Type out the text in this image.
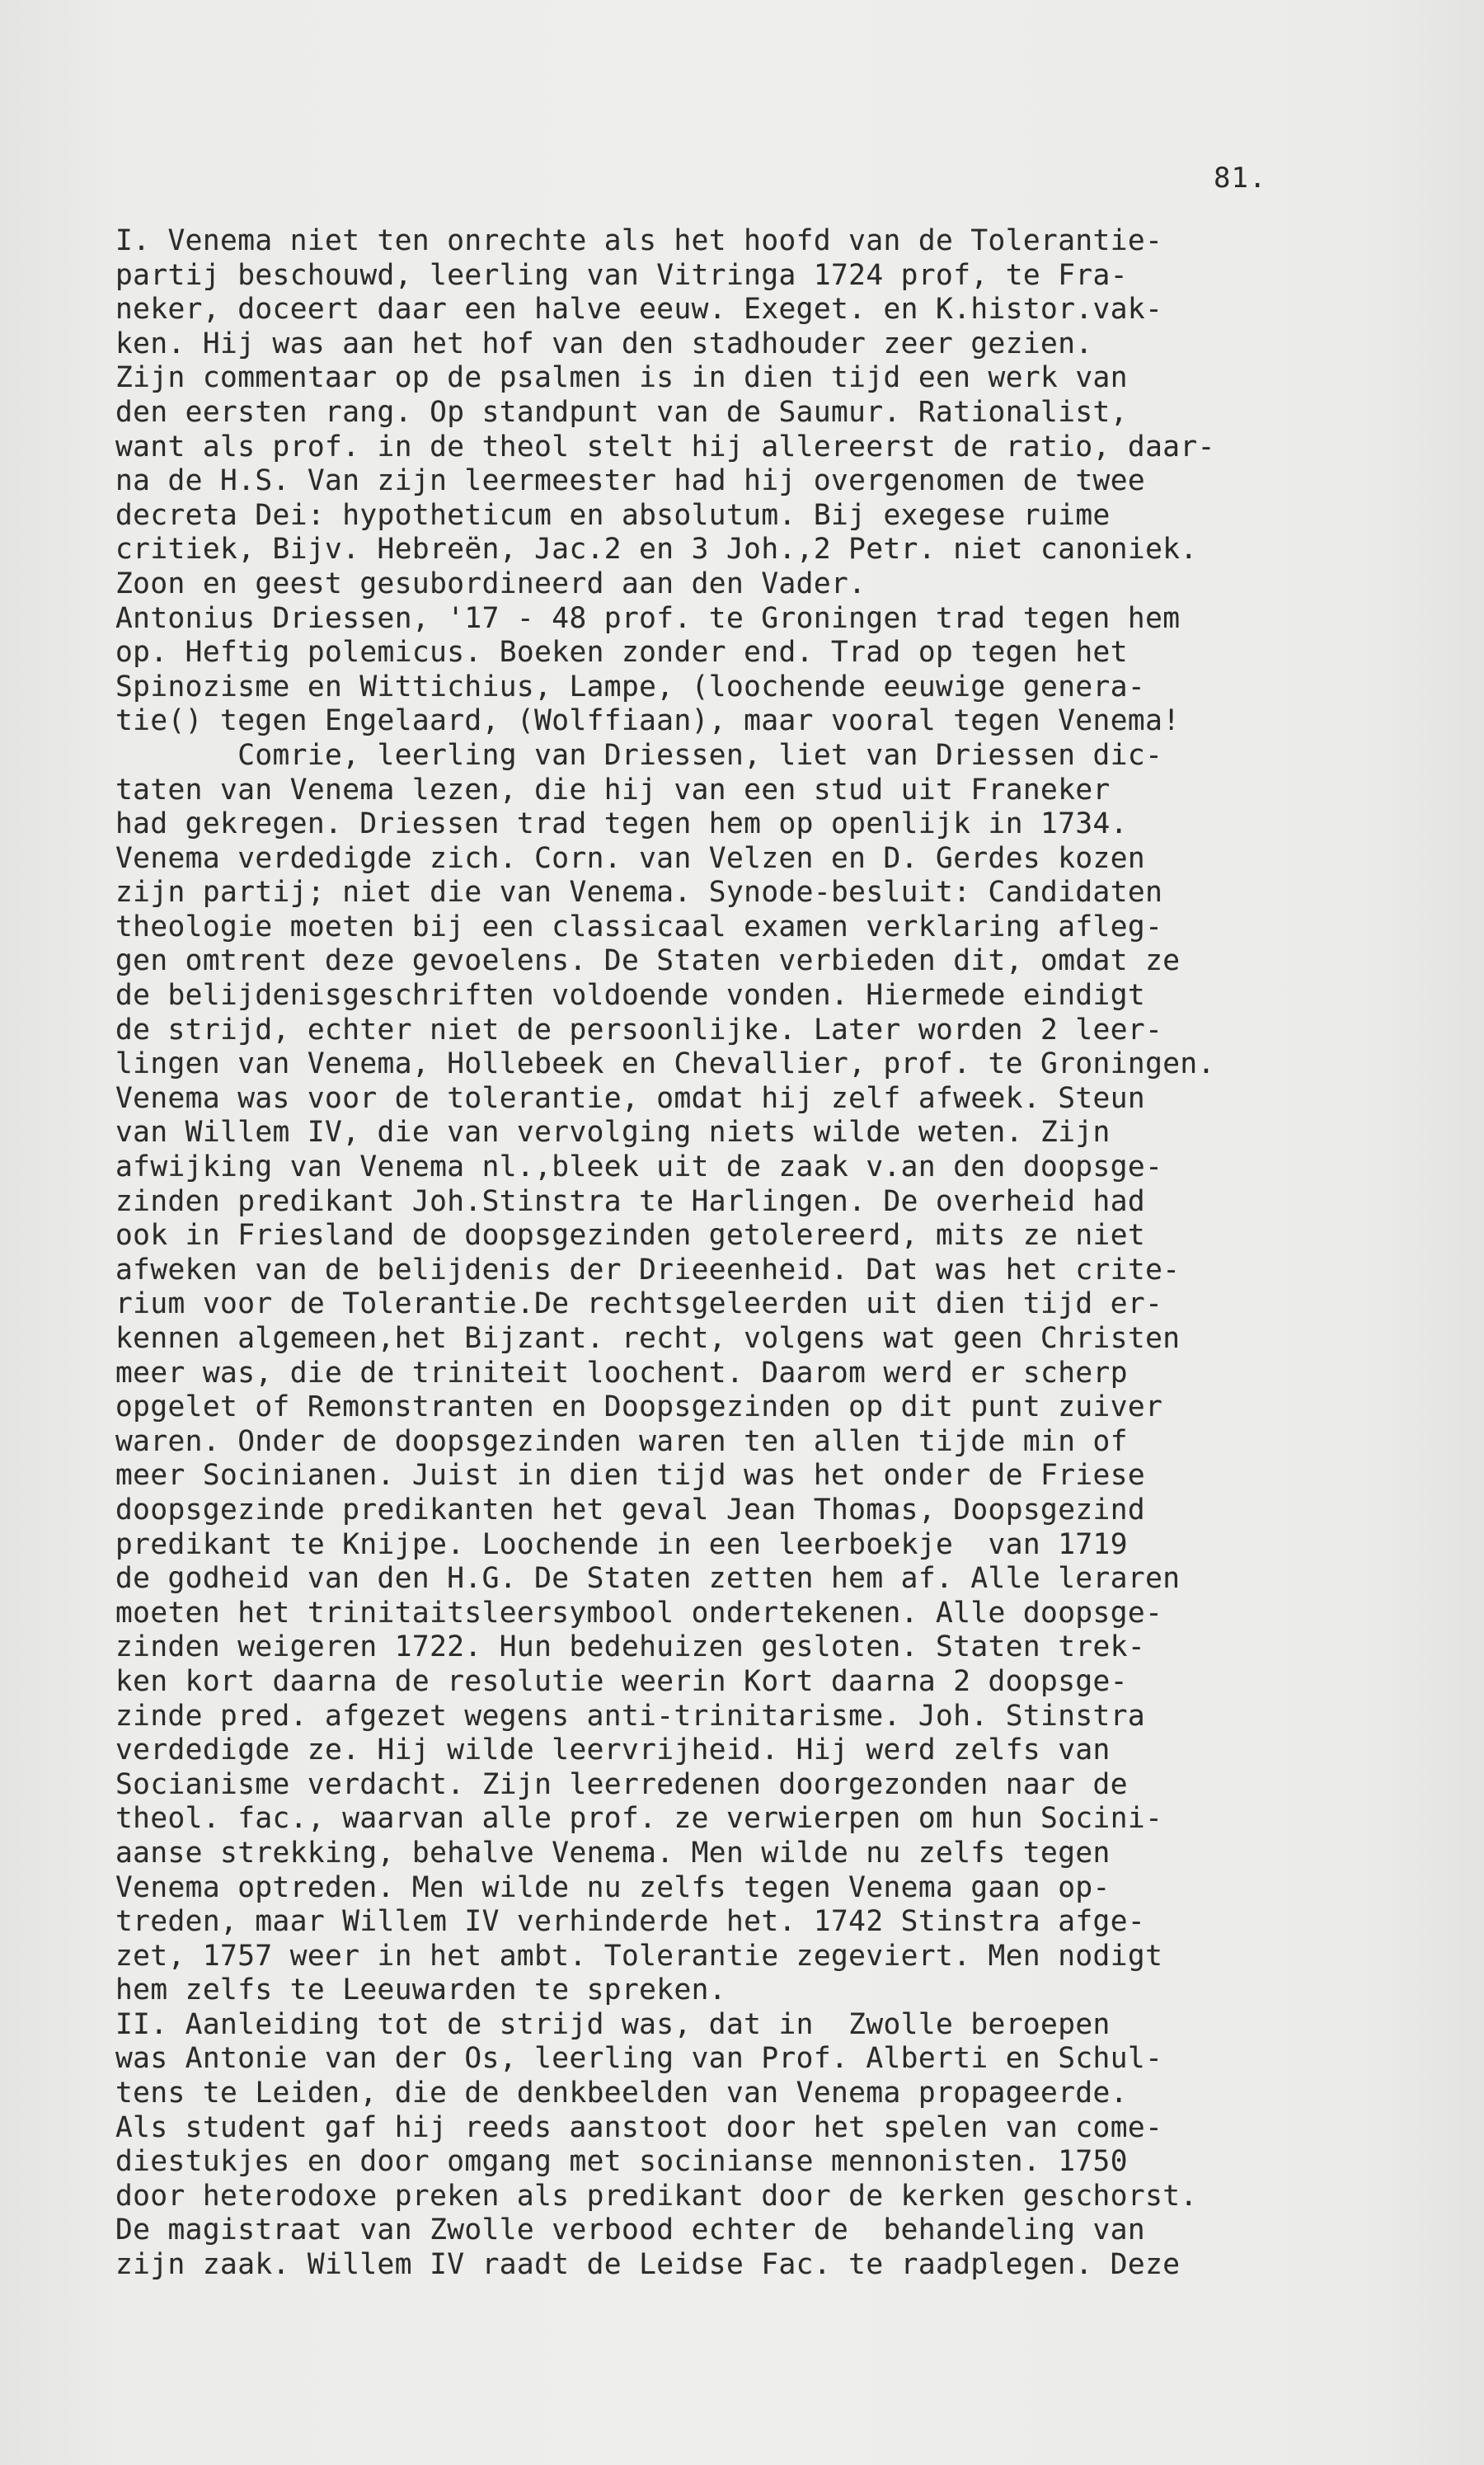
81.
I. Venema niet ten onrechte als het hoofd van de Tolerantie-
partij beschouwd, leerling van Vitringa 1724 prof, te Fra-
neker, doceert daar een halve eeuw. Exeget. en K.histor.vak-
ken. Hij was aan het hof van den stadhouder zeer gezien.
Zijn commentaar op de psalmen is in dien tijd een werk van
den eersten rang. Op standpunt van de Saumur. Rationalist,
want als prof. in de theol stelt hij allereerst de ratio, daar-
na de H.S. Van zijn leermeester had hij overgenomen de twee
decreta Dei: hypotheticum en absolutum. Bij exegese ruime
critiek, Bijv. Hebreën, Jac.2 en 3 Joh.,2 Petr. niet canoniek.
Zoon en geest gesubordineerd aan den Vader.
Antonius Driessen, '17 - 48 prof. te Groningen trad tegen hem
op. Heftig polemicus. Boeken zonder end. Trad op tegen het
Spinozisme en Wittichius, Lampe, (loochende eeuwige genera-
tie() tegen Engelaard, (Wolffiaan), maar vooral tegen Venema!
Comrie, leerling van Driessen, liet van Driessen dic-
taten van Venema lezen, die hij van een stud uit Franeker
had gekregen. Driessen trad tegen hem op openlijk in 1734.
Venema verdedigde zich. Corn. van Velzen en D. Gerdes kozen
zijn partij; niet die van Venema. Synode-besluit: Candidaten
theologie moeten bij een classicaal examen verklaring afleg-
gen omtrent deze gevoelens. De Staten verbieden dit, omdat ze
de belijdenisgeschriften voldoende vonden. Hiermede eindigt
de strijd, echter niet de persoonlijke. Later worden 2 leer-
lingen van Venema, Hollebeek en Chevallier, prof. te Groningen.
Venema was voor de tolerantie, omdat hij zelf afweek. Steun
van Willem IV, die van vervolging niets wilde weten. Zijn
afwijking van Venema nl.,bleek uit de zaak v.an den doopsge-
zinden predikant Joh.Stinstra te Harlingen. De overheid had
ook in Friesland de doopsgezinden getolereerd, mits ze niet
afweken van de belijdenis der Drieeenheid. Dat was het crite-
rium voor de Tolerantie.De rechtsgeleerden uit dien tijd er-
kennen algemeen,het Bijzant. recht, volgens wat geen Christen
meer was, die de triniteit loochent. Daarom werd er scherp
opgelet of Remonstranten en Doopsgezinden op dit punt zuiver
waren. Onder de doopsgezinden waren ten allen tijde min of
meer Socinianen. Juist in dien tijd was het onder de Friese
doopsgezinde predikanten het geval Jean Thomas, Doopsgezind
predikant te Knijpe. Loochende in een leerboekje  van 1719
de godheid van den H.G. De Staten zetten hem af. Alle leraren
moeten het trinitaitsleersymbool ondertekenen. Alle doopsge-
zinden weigeren 1722. Hun bedehuizen gesloten. Staten trek-
ken kort daarna de resolutie weerin Kort daarna 2 doopsge-
zinde pred. afgezet wegens anti-trinitarisme. Joh. Stinstra
verdedigde ze. Hij wilde leervrijheid. Hij werd zelfs van
Socianisme verdacht. Zijn leerredenen doorgezonden naar de
theol. fac., waarvan alle prof. ze verwierpen om hun Socini-
aanse strekking, behalve Venema. Men wilde nu zelfs tegen
Venema optreden. Men wilde nu zelfs tegen Venema gaan op-
treden, maar Willem IV verhinderde het. 1742 Stinstra afge-
zet, 1757 weer in het ambt. Tolerantie zegeviert. Men nodigt
hem zelfs te Leeuwarden te spreken.
II. Aanleiding tot de strijd was, dat in  Zwolle beroepen
was Antonie van der Os, leerling van Prof. Alberti en Schul-
tens te Leiden, die de denkbeelden van Venema propageerde.
Als student gaf hij reeds aanstoot door het spelen van come-
diestukjes en door omgang met socinianse mennonisten. 1750
door heterodoxe preken als predikant door de kerken geschorst.
De magistraat van Zwolle verbood echter de  behandeling van
zijn zaak. Willem IV raadt de Leidse Fac. te raadplegen. Deze
